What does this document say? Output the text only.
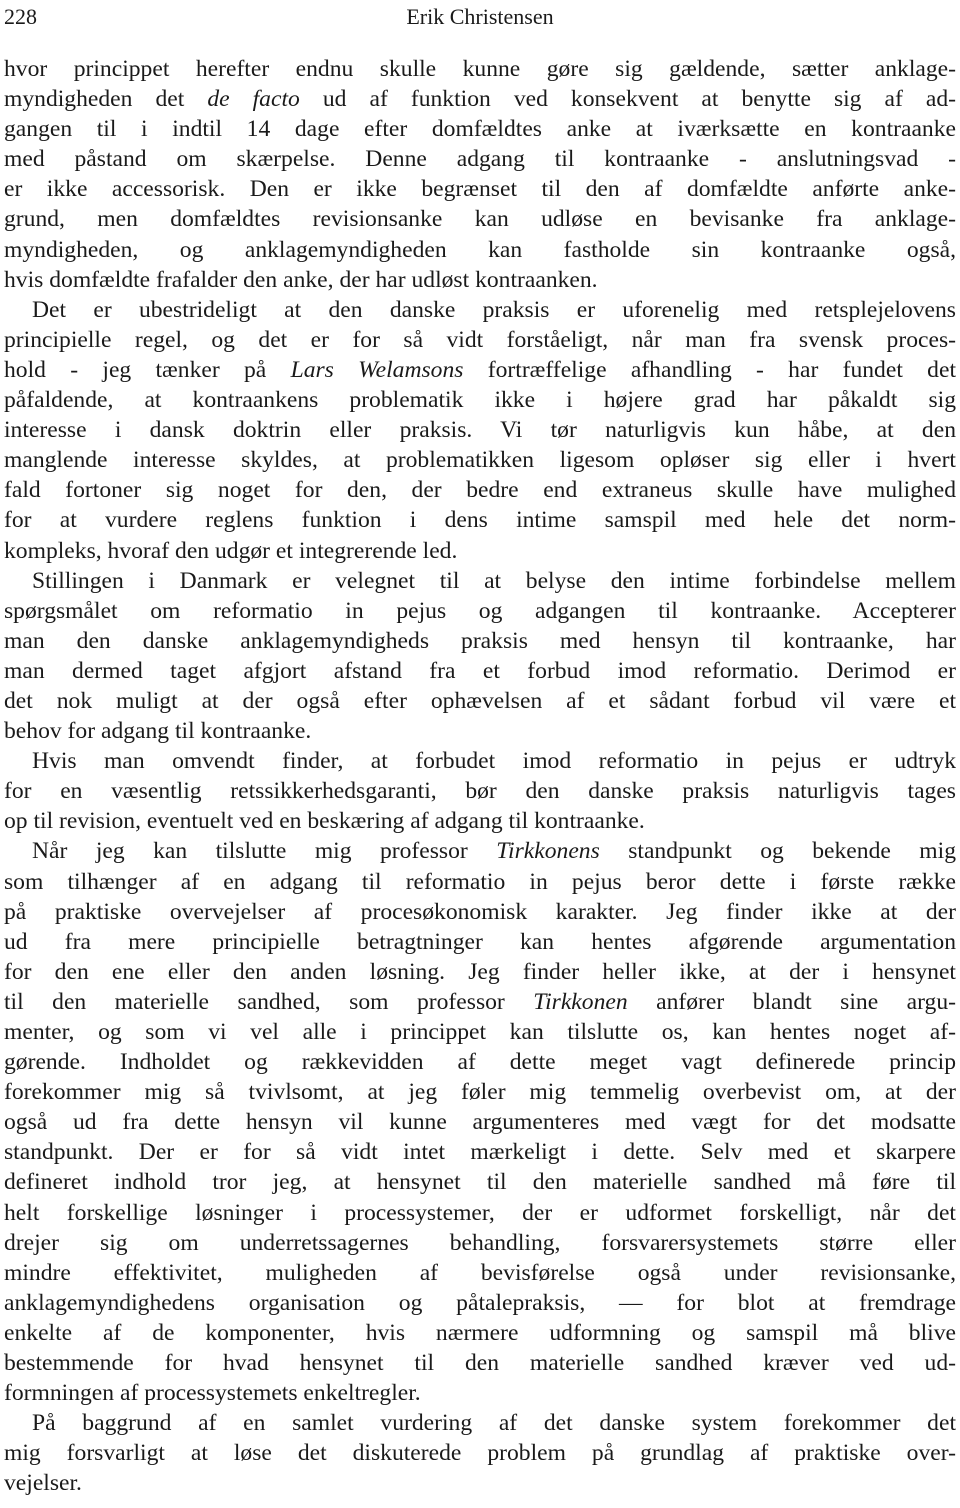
228	Erik Christensen
hvor princippet herefter endnu skulle kunne gøre sig gældende, sætter anklage-
myndigheden det de facto ud af funktion ved konsekvent at benytte sig af ad-
gangen til i indtil 14 dage efter domfældtes anke at iværksætte en kontraanke
med påstand om skærpelse. Denne adgang til kontraanke - anslutningsvad -
er ikke accessorisk. Den er ikke begrænset til den af domfældte anførte anke-
grund, men domfældtes revisionsanke kan udløse en bevisanke fra anklage-
myndigheden, og anklagemyndigheden kan fastholde sin kontraanke også,
hvis domfældte frafalder den anke, der har udløst kontraanken.
Det er ubestrideligt at den danske praksis er uforenelig med retsplejelovens
principielle regel, og det er for så vidt forståeligt, når man fra svensk proces-
hold - jeg tænker på Lars Welamsons fortræffelige afhandling - har fundet det
påfaldende, at kontraankens problematik ikke i højere grad har påkaldt sig
interesse i dansk doktrin eller praksis. Vi tør naturligvis kun håbe, at den
manglende interesse skyldes, at problematikken ligesom opløser sig eller i hvert
fald fortoner sig noget for den, der bedre end extraneus skulle have mulighed
for at vurdere reglens funktion i dens intime samspil med hele det norm-
kompleks, hvoraf den udgør et integrerende led.
Stillingen i Danmark er velegnet til at belyse den intime forbindelse mellem
spørgsmålet om reformatio in pejus og adgangen til kontraanke. Accepterer
man den danske anklagemyndigheds praksis med hensyn til kontraanke, har
man dermed taget afgjort afstand fra et forbud imod reformatio. Derimod er
det nok muligt at der også efter ophævelsen af et sådant forbud vil være et
behov for adgang til kontraanke.
Hvis man omvendt finder, at forbudet imod reformatio in pejus er udtryk
for en væsentlig retssikkerhedsgaranti, bør den danske praksis naturligvis tages
op til revision, eventuelt ved en beskæring af adgang til kontraanke.
Når jeg kan tilslutte mig professor Tirkkonens standpunkt og bekende mig
som tilhænger af en adgang til reformatio in pejus beror dette i første række
på praktiske overvejelser af procesøkonomisk karakter. Jeg finder ikke at der
ud fra mere principielle betragtninger kan hentes afgørende argumentation
for den ene eller den anden løsning. Jeg finder heller ikke, at der i hensynet
til den materielle sandhed, som professor Tirkkonen anfører blandt sine argu-
menter, og som vi vel alle i princippet kan tilslutte os, kan hentes noget af-
gørende. Indholdet og rækkevidden af dette meget vagt definerede princip
forekommer mig så tvivlsomt, at jeg føler mig temmelig overbevist om, at der
også ud fra dette hensyn vil kunne argumenteres med vægt for det modsatte
standpunkt. Der er for så vidt intet mærkeligt i dette. Selv med et skarpere
defineret indhold tror jeg, at hensynet til den materielle sandhed må føre til
helt forskellige løsninger i processystemer, der er udformet forskelligt, når det
drejer sig om underretssagernes behandling, forsvarersystemets større eller
mindre effektivitet, muligheden af bevisførelse også under revisionsanke,
anklagemyndighedens organisation og påtalepraksis, — for blot at fremdrage
enkelte af de komponenter, hvis nærmere udformning og samspil må blive
bestemmende for hvad hensynet til den materielle sandhed kræver ved ud-
formningen af processystemets enkeltregler.
På baggrund af en samlet vurdering af det danske system forekommer det
mig forsvarligt at løse det diskuterede problem på grundlag af praktiske over-
vejelser.
